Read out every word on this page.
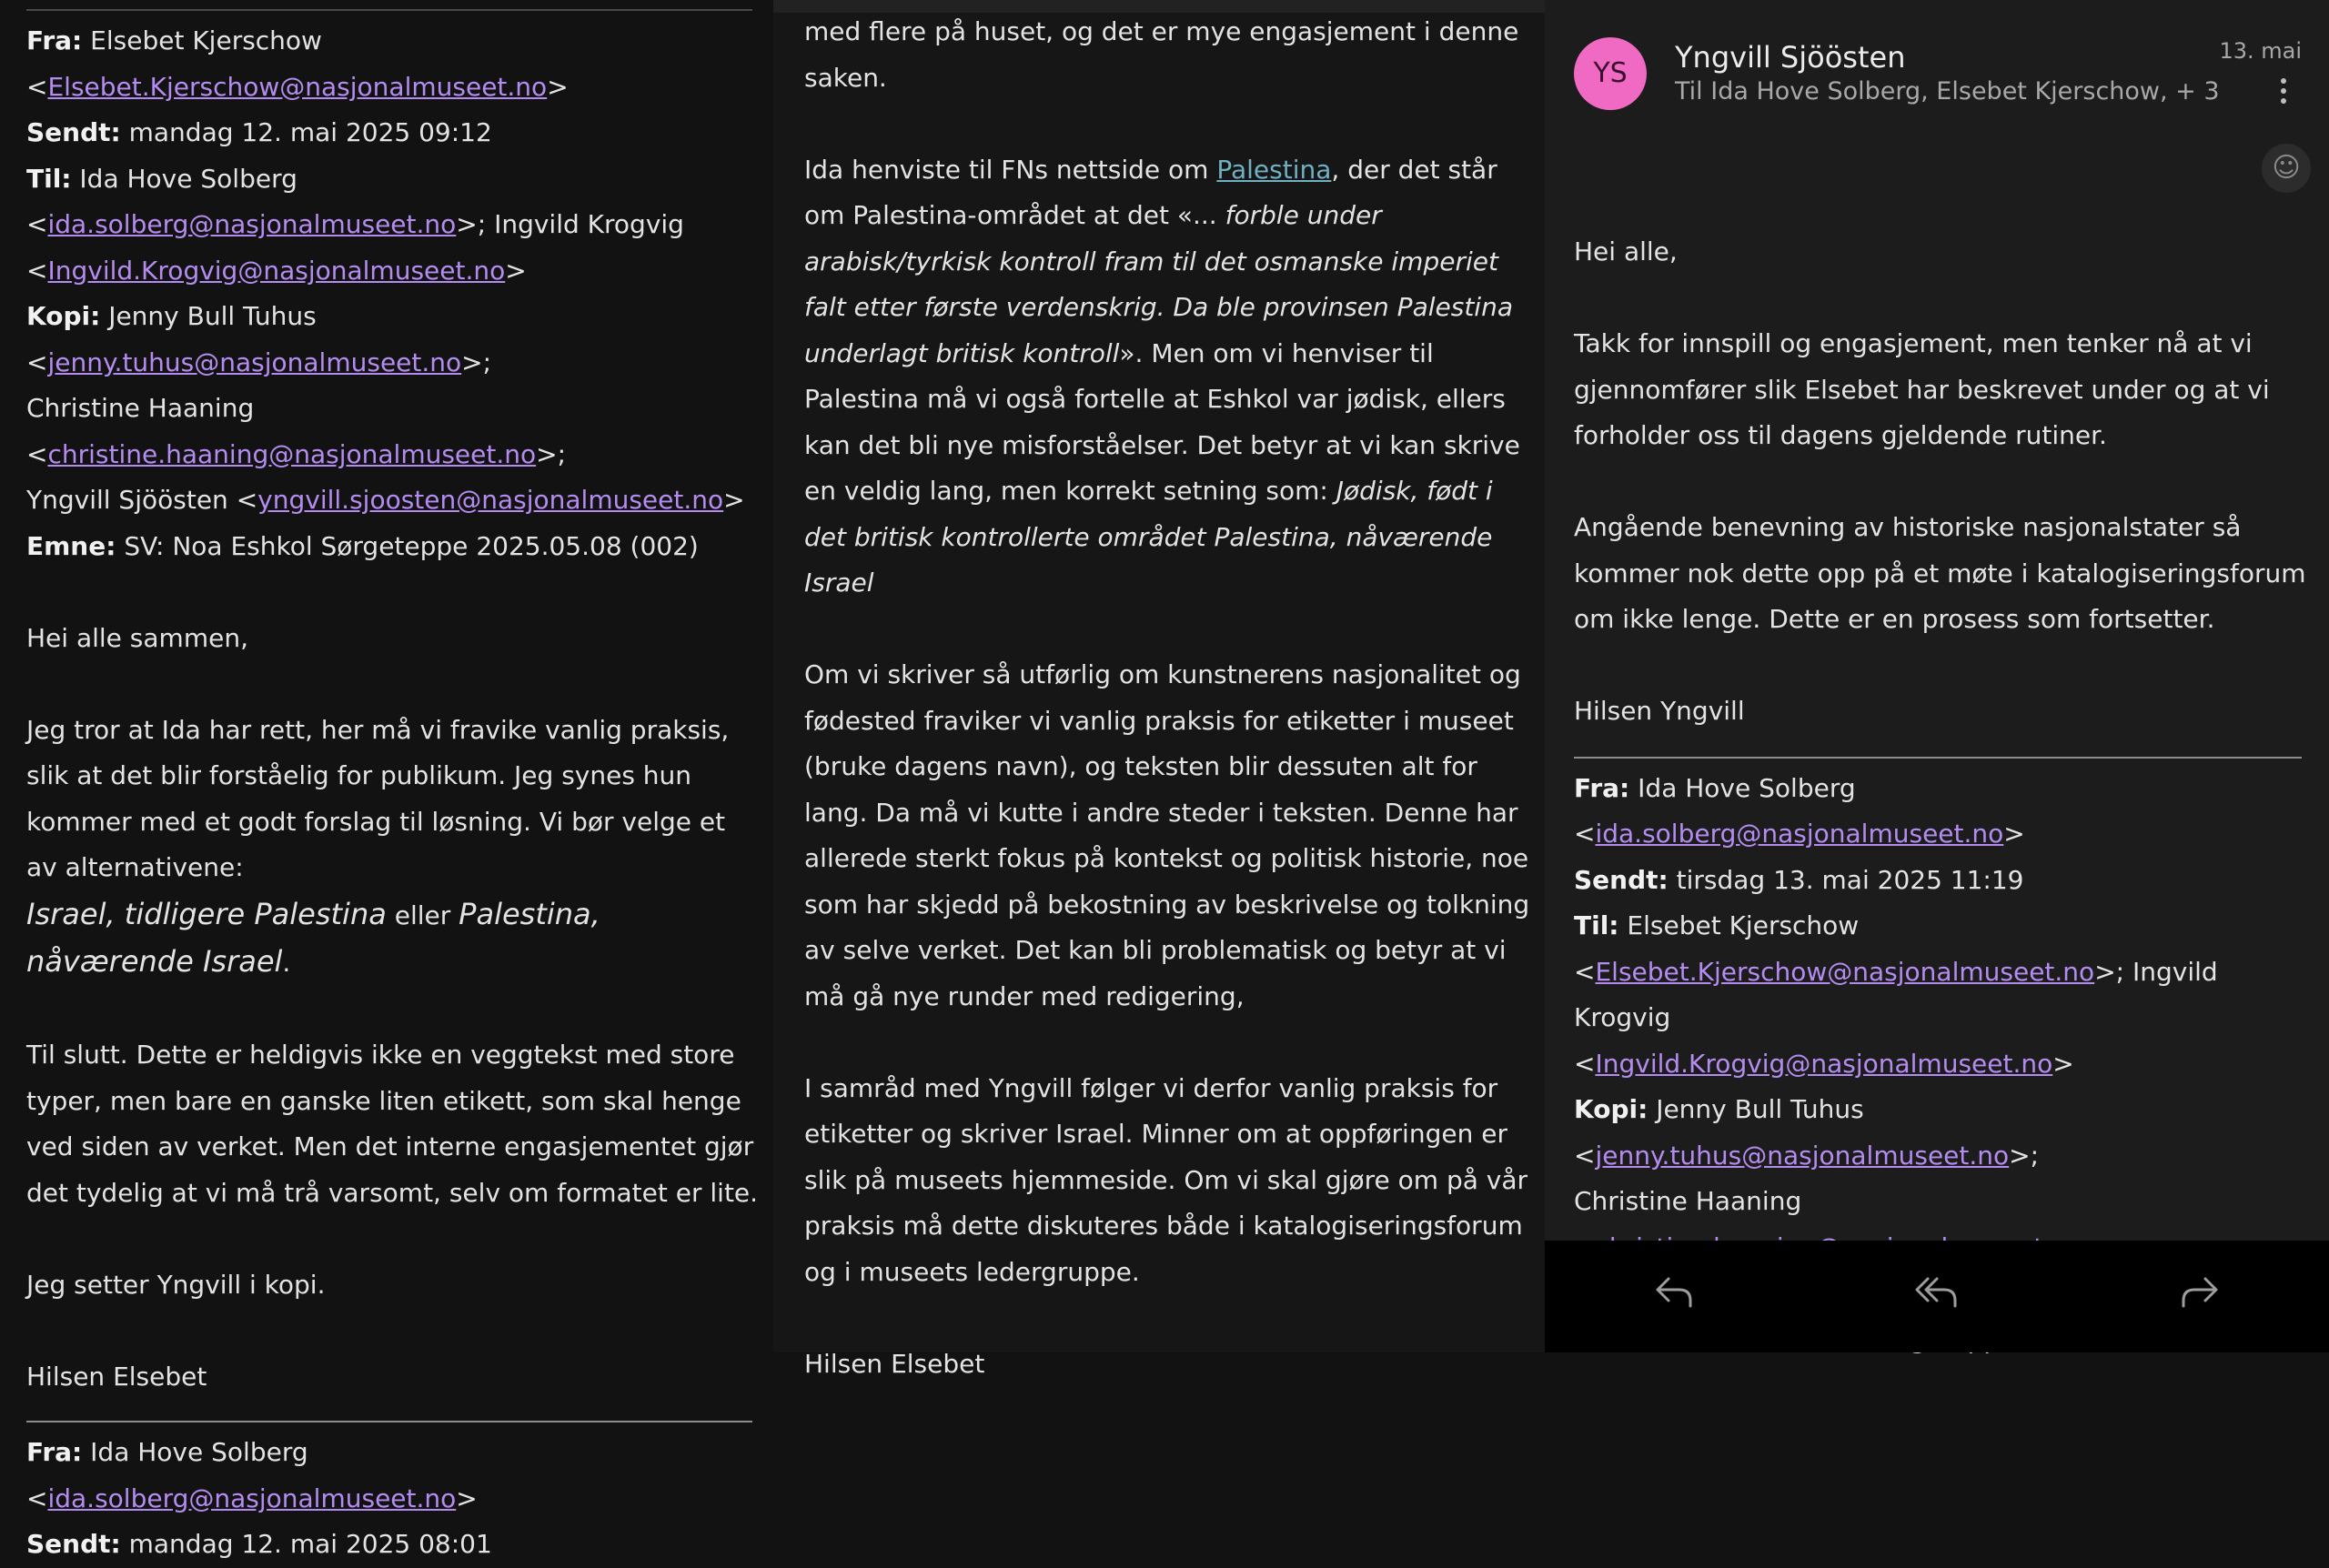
Fra: Elsebet Kjerschow
<Elsebet.Kjerschow@nasjonalmuseet.no>
Sendt: mandag 12. mai 2025 09:12
Til: Ida Hove Solberg <ida.solberg@nasjonalmuseet.no>; Ingvild Krogvig <Ingvild.Krogvig@nasjonalmuseet.no>
Kopi: Jenny Bull Tuhus <jenny.tuhus@nasjonalmuseet.no>;
Christine Haaning <christine.haaning@nasjonalmuseet.no>;
Yngvill Sjöösten <yngvill.sjoosten@nasjonalmuseet.no>

Emne: SV: Noa Eshkol Sørgeteppe 2025.05.08 (002)

Hei alle sammen,

Jeg tror at Ida har rett, her må vi fravike vanlig praksis, slik at det blir forståelig for publikum. Jeg synes hun kommer med et godt forslag til løsning. Vi bør velge et av alternativene:
Israel, tidligere Palestina eller Palestina, nåværende Israel.

Til slutt. Dette er heldigvis ikke en veggtekst med store typer, men bare en ganske liten etikett, som skal henge ved siden av verket. Men det interne engasjementet gjør det tydelig at vi må trå varsomt, selv om formatet er lite.

Jeg setter Yngvill i kopi.

Hilsen Elsebet

Fra: Ida Hove Solberg <ida.solberg@nasjonalmuseet.no>
Sendt: mandag 12. mai 2025 08:01

med flere på huset, og det er mye engasjement i denne saken.

Ida henviste til FNs nettside om Palestina, der det står om Palestina-området at det «... forble under arabisk/tyrkisk kontroll fram til det osmanske imperiet falt etter første verdenskrig. Da ble provinsen Palestina underlagt britisk kontroll». Men om vi henviser til Palestina må vi også fortelle at Eshkol var jødisk, ellers kan det bli nye misforståelser. Det betyr at vi kan skrive en veldig lang, men korrekt setning som: Jødisk, født i det britisk kontrollerte området Palestina, nåværende Israel

Om vi skriver så utførlig om kunstnerens nasjonalitet og fødested fraviker vi vanlig praksis for etiketter i museet (bruke dagens navn), og teksten blir dessuten alt for lang. Da må vi kutte i andre steder i teksten. Denne har allerede sterkt fokus på kontekst og politisk historie, noe som har skjedd på bekostning av beskrivelse og tolkning av selve verket. Det kan bli problematisk og betyr at vi må gå nye runder med redigering,

I samråd med Yngvill følger vi derfor vanlig praksis for etiketter og skriver Israel. Minner om at oppføringen er slik på museets hjemmeside. Om vi skal gjøre om på vår praksis må dette diskuteres både i katalogiseringsforum og i museets ledergruppe.

Hilsen Elsebet

YS	Yngvill Sjöösten
Til Ida Hove Solberg, Elsebet Kjerschow, + 3
13. mai
☺

Hei alle,

Takk for innspill og engasjement, men tenker nå at vi gjennomfører slik Elsebet har beskrevet under og at vi forholder oss til dagens gjeldende rutiner.

Angående benevning av historiske nasjonalstater så kommer nok dette opp på et møte i katalogiseringsforum om ikke lenge. Dette er en prosess som fortsetter.

Hilsen Yngvill

Fra: Ida Hove Solberg <ida.solberg@nasjonalmuseet.no>
Sendt: tirsdag 13. mai 2025 11:19
Til: Elsebet Kjerschow
<Elsebet.Kjerschow@nasjonalmuseet.no>; Ingvild Krogvig
<Ingvild.Krogvig@nasjonalmuseet.no>
Kopi: Jenny Bull Tuhus <jenny.tuhus@nasjonalmuseet.no>;
Christine Haaning
